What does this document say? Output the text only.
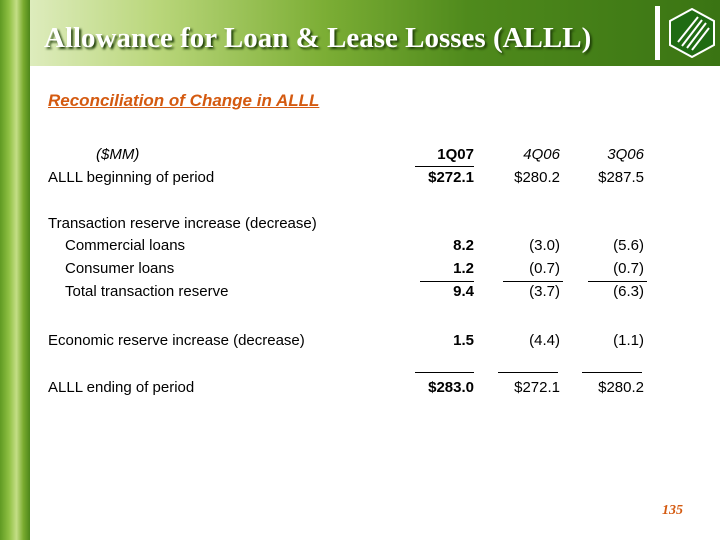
Allowance for Loan & Lease Losses (ALLL)
Reconciliation of Change in ALLL
($MM)	1Q07	4Q06	3Q06
ALLL beginning of period	$272.1	$280.2	$287.5
Transaction reserve increase (decrease)
Commercial loans	8.2	(3.0)	(5.6)
Consumer loans	1.2	(0.7)	(0.7)
Total transaction reserve	9.4	(3.7)	(6.3)
Economic reserve increase (decrease)	1.5	(4.4)	(1.1)
ALLL ending of period	$283.0	$272.1	$280.2
135
